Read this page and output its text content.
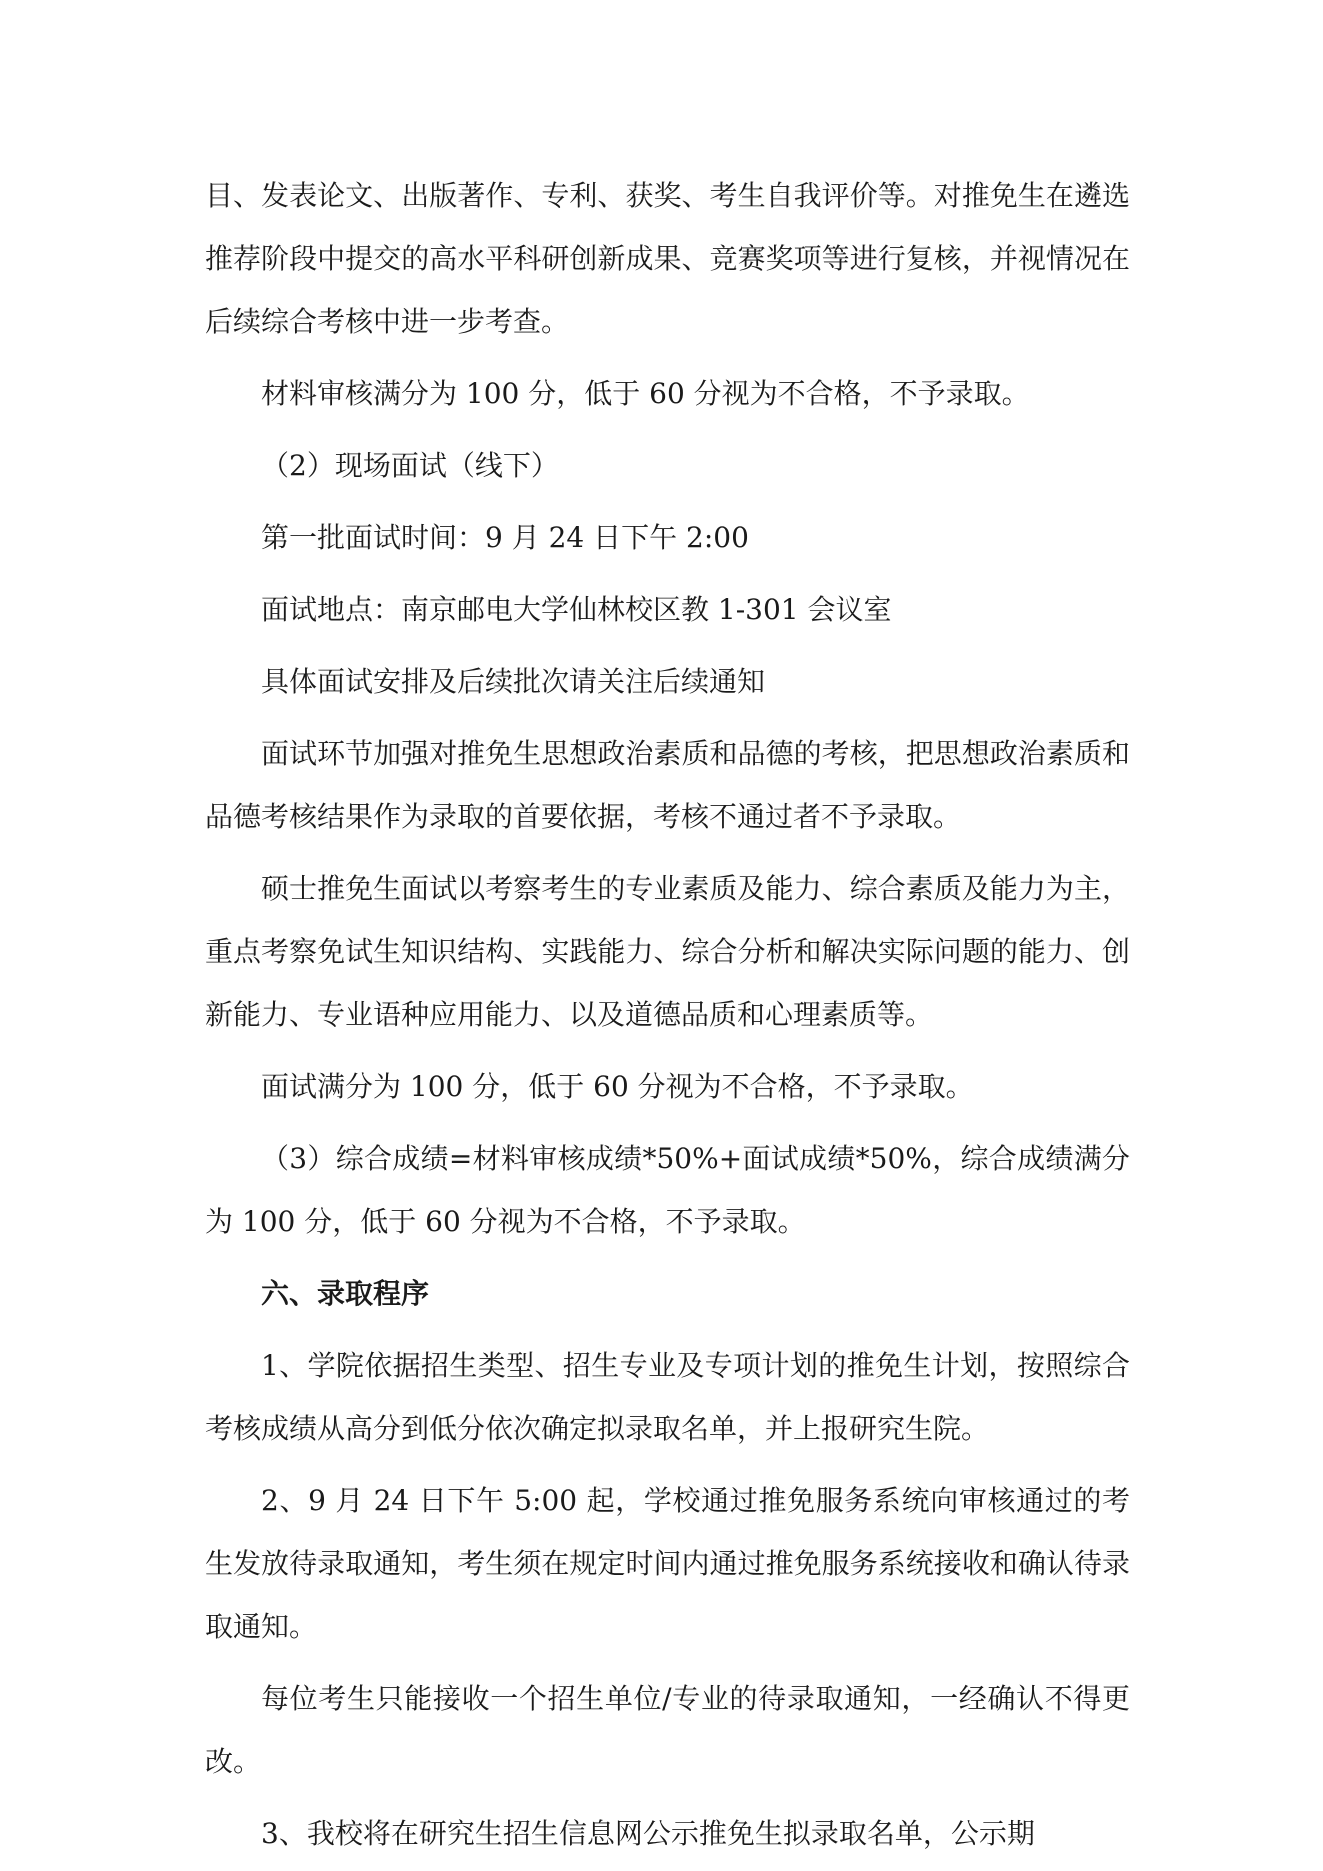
目、发表论文、出版著作、专利、获奖、考生自我评价等。对推免生在遴选推荐阶段中提交的高水平科研创新成果、竞赛奖项等进行复核，并视情况在后续综合考核中进一步考查。

材料审核满分为 100 分，低于 60 分视为不合格，不予录取。

（2）现场面试（线下）

第一批面试时间：9 月 24 日下午 2:00

面试地点：南京邮电大学仙林校区教 1-301 会议室

具体面试安排及后续批次请关注后续通知

面试环节加强对推免生思想政治素质和品德的考核，把思想政治素质和品德考核结果作为录取的首要依据，考核不通过者不予录取。

硕士推免生面试以考察考生的专业素质及能力、综合素质及能力为主，重点考察免试生知识结构、实践能力、综合分析和解决实际问题的能力、创新能力、专业语种应用能力、以及道德品质和心理素质等。

面试满分为 100 分，低于 60 分视为不合格，不予录取。

（3）综合成绩=材料审核成绩*50%+面试成绩*50%，综合成绩满分为 100 分，低于 60 分视为不合格，不予录取。

六、录取程序

1、学院依据招生类型、招生专业及专项计划的推免生计划，按照综合考核成绩从高分到低分依次确定拟录取名单，并上报研究生院。

2、9 月 24 日下午 5:00 起，学校通过推免服务系统向审核通过的考生发放待录取通知，考生须在规定时间内通过推免服务系统接收和确认待录取通知。

每位考生只能接收一个招生单位/专业的待录取通知，一经确认不得更改。

3、我校将在研究生招生信息网公示推免生拟录取名单，公示期
